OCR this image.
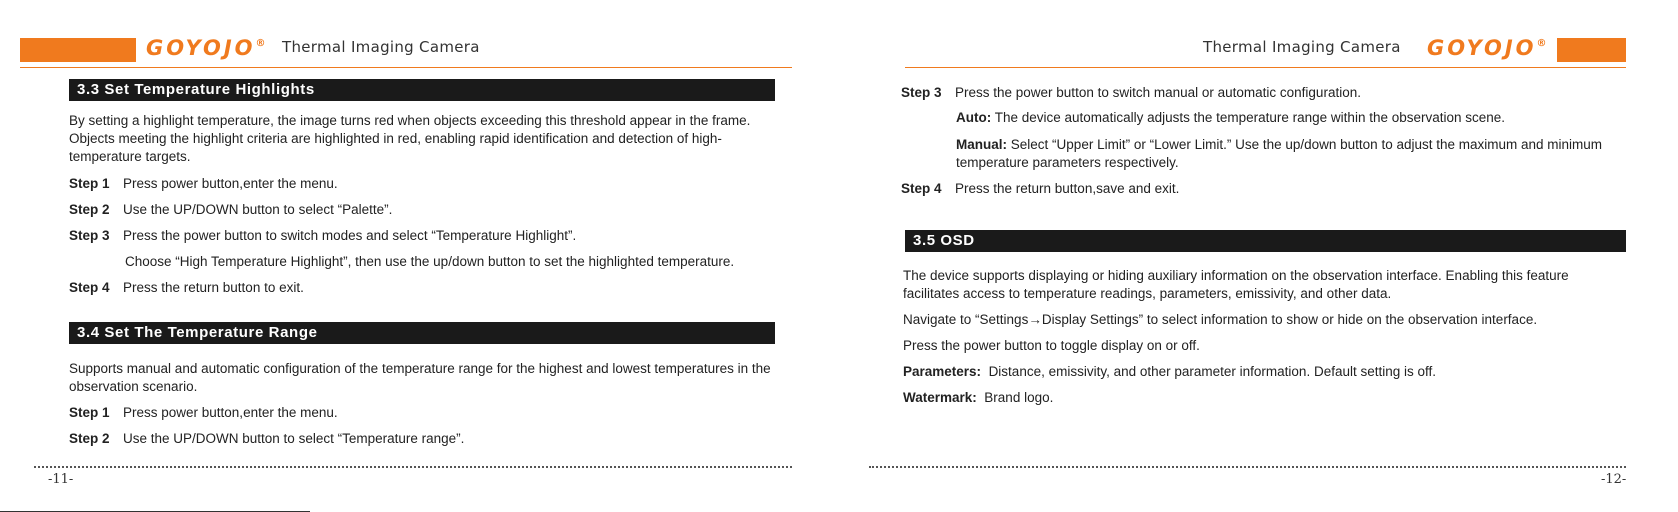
GOYOJO® Thermal Imaging Camera
3.3 Set Temperature Highlights
By setting a highlight temperature, the image turns red when objects exceeding this threshold appear in the frame. Objects meeting the highlight criteria are highlighted in red, enabling rapid identification and detection of high-temperature targets.
Step 1 Press power button,enter the menu.
Step 2 Use the UP/DOWN button to select “Palette”.
Step 3 Press the power button to switch modes and select “Temperature Highlight”.
Choose “High Temperature Highlight”, then use the up/down button to set the highlighted temperature.
Step 4 Press the return button to exit.
3.4 Set The Temperature Range
Supports manual and automatic configuration of the temperature range for the highest and lowest temperatures in the observation scenario.
Step 1 Press power button,enter the menu.
Step 2 Use the UP/DOWN button to select “Temperature range”.
-11-
Thermal Imaging Camera GOYOJO®
Step 3 Press the power button to switch manual or automatic configuration.
Auto: The device automatically adjusts the temperature range within the observation scene.
Manual: Select “Upper Limit” or “Lower Limit.” Use the up/down button to adjust the maximum and minimum temperature parameters respectively.
Step 4 Press the return button,save and exit.
3.5 OSD
The device supports displaying or hiding auxiliary information on the observation interface. Enabling this feature facilitates access to temperature readings, parameters, emissivity, and other data.
Navigate to “Settings→Display Settings” to select information to show or hide on the observation interface.
Press the power button to toggle display on or off.
Parameters: Distance, emissivity, and other parameter information. Default setting is off.
Watermark: Brand logo.
-12-
